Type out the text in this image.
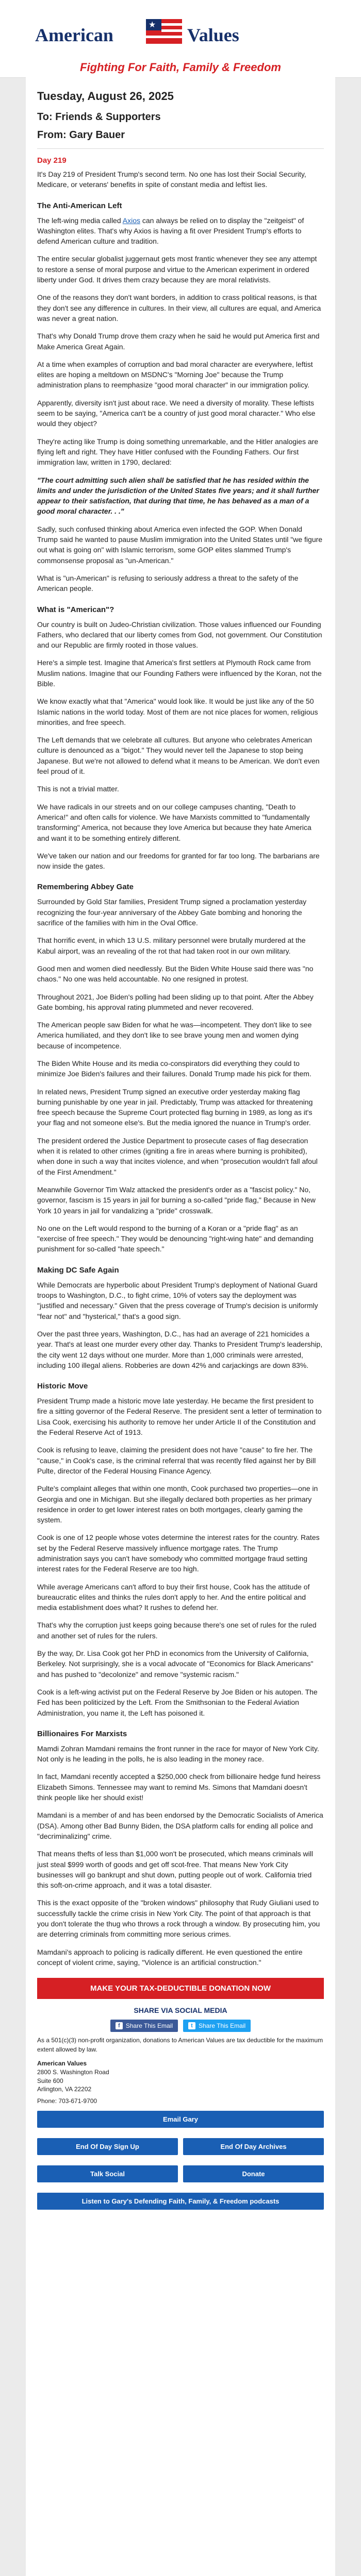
American	★ Values
Fighting For Faith, Family & Freedom
Tuesday, August 26, 2025
To: Friends & Supporters
From: Gary Bauer
Day 219

It's Day 219 of President Trump's second term. No one has lost their Social Security, Medicare, or veterans' benefits in spite of constant media and leftist lies.

The Anti-American Left

The left-wing media called Axios can always be relied on to display the "zeitgeist" of Washington elites. That's why Axios is having a fit over President Trump's efforts to defend American culture and tradition.

The entire secular globalist juggernaut gets most frantic whenever they see any attempt to restore a sense of moral purpose and virtue to the American experiment in ordered liberty under God. It drives them crazy because they are moral relativists.

One of the reasons they don't want borders, in addition to crass political reasons, is that they don't see any difference in cultures. In their view, all cultures are equal, and America was never a great nation.

That's why Donald Trump drove them crazy when he said he would put America first and Make America Great Again.

At a time when examples of corruption and bad moral character are everywhere, leftist elites are hoping a meltdown on MSDNC's "Morning Joe" because the Trump administration plans to reemphasize "good moral character" in our immigration policy.

Apparently, diversity isn't just about race. We need a diversity of morality. These leftists seem to be saying, "America can't be a country of just good moral character." Who else would they object?

They're acting like Trump is doing something unremarkable, and the Hitler analogies are flying left and right. They have Hitler confused with the Founding Fathers. Our first immigration law, written in 1790, declared:

"The court admitting such alien shall be satisfied that he has resided within the limits and under the jurisdiction of the United States five years; and it shall further appear to their satisfaction, that during that time, he has behaved as a man of a good moral character. . ."

Sadly, such confused thinking about America even infected the GOP. When Donald Trump said he wanted to pause Muslim immigration into the United States until "we figure out what is going on" with Islamic terrorism, some GOP elites slammed Trump's commonsense proposal as "un-American."

What is "un-American" is refusing to seriously address a threat to the safety of the American people.

What is "American"?

Our country is built on Judeo-Christian civilization. Those values influenced our Founding Fathers, who declared that our liberty comes from God, not government. Our Constitution and our Republic are firmly rooted in those values.

Here's a simple test. Imagine that America's first settlers at Plymouth Rock came from Muslim nations. Imagine that our Founding Fathers were influenced by the Koran, not the Bible.

We know exactly what that "America" would look like. It would be just like any of the 50 Islamic nations in the world today. Most of them are not nice places for women, religious minorities, and free speech.

The Left demands that we celebrate all cultures. But anyone who celebrates American culture is denounced as a "bigot." They would never tell the Japanese to stop being Japanese. But we're not allowed to defend what it means to be American. We don't even feel proud of it.

This is not a trivial matter.

We have radicals in our streets and on our college campuses chanting, "Death to America!" and often calls for violence. We have Marxists committed to "fundamentally transforming" America, not because they love America but because they hate America and want it to be something entirely different.

We've taken our nation and our freedoms for granted for far too long. The barbarians are now inside the gates.

Remembering Abbey Gate

Surrounded by Gold Star families, President Trump signed a proclamation yesterday recognizing the four-year anniversary of the Abbey Gate bombing and honoring the sacrifice of the families with him in the Oval Office.

That horrific event, in which 13 U.S. military personnel were brutally murdered at the Kabul airport, was an revealing of the rot that had taken root in our own military.

Good men and women died needlessly. But the Biden White House said there was "no chaos." No one was held accountable. No one resigned in protest.

Throughout 2021, Joe Biden's polling had been sliding up to that point. After the Abbey Gate bombing, his approval rating plummeted and never recovered.

The American people saw Biden for what he was—incompetent. They don't like to see America humiliated, and they don't like to see brave young men and women dying because of incompetence.

The Biden White House and its media co-conspirators did everything they could to minimize Joe Biden's failures and their failures. Donald Trump made his pick for them.

In related news, President Trump signed an executive order yesterday making flag burning punishable by one year in jail. Predictably, Trump was attacked for threatening free speech because the Supreme Court protected flag burning in 1989, as long as it's your flag and not someone else's. But the media ignored the nuance in Trump's order.

The president ordered the Justice Department to prosecute cases of flag desecration when it is related to other crimes (igniting a fire in areas where burning is prohibited), when done in such a way that incites violence, and when "prosecution wouldn't fall afoul of the First Amendment."

Meanwhile Governor Tim Walz attacked the president's order as a "fascist policy." No, governor, fascism is 15 years in jail for burning a so-called "pride flag," Because in New York 10 years in jail for vandalizing a "pride" crosswalk.

No one on the Left would respond to the burning of a Koran or a "pride flag" as an "exercise of free speech." They would be denouncing "right-wing hate" and demanding punishment for so-called "hate speech."

Making DC Safe Again

While Democrats are hyperbolic about President Trump's deployment of National Guard troops to Washington, D.C., to fight crime, 10% of voters say the deployment was "justified and necessary." Given that the press coverage of Trump's decision is uniformly "fear not" and "hysterical," that's a good sign.

Over the past three years, Washington, D.C., has had an average of 221 homicides a year. That's at least one murder every other day. Thanks to President Trump's leadership, the city went 12 days without one murder. More than 1,000 criminals were arrested, including 100 illegal aliens. Robberies are down 42% and carjackings are down 83%.

Historic Move

President Trump made a historic move late yesterday. He became the first president to fire a sitting governor of the Federal Reserve. The president sent a letter of termination to Lisa Cook, exercising his authority to remove her under Article II of the Constitution and the Federal Reserve Act of 1913.

Cook is refusing to leave, claiming the president does not have "cause" to fire her. The "cause," in Cook's case, is the criminal referral that was recently filed against her by Bill Pulte, director of the Federal Housing Finance Agency.

Pulte's complaint alleges that within one month, Cook purchased two properties—one in Georgia and one in Michigan. But she illegally declared both properties as her primary residence in order to get lower interest rates on both mortgages, clearly gaming the system.

Cook is one of 12 people whose votes determine the interest rates for the country. Rates set by the Federal Reserve massively influence mortgage rates. The Trump administration says you can't have somebody who committed mortgage fraud setting interest rates for the Federal Reserve are too high.

While average Americans can't afford to buy their first house, Cook has the attitude of bureaucratic elites and thinks the rules don't apply to her. And the entire political and media establishment does what? It rushes to defend her.

That's why the corruption just keeps going because there's one set of rules for the ruled and another set of rules for the rulers.

By the way, Dr. Lisa Cook got her PhD in economics from the University of California, Berkeley. Not surprisingly, she is a vocal advocate of "Economics for Black Americans" and has pushed to "decolonize" and remove "systemic racism."

Cook is a left-wing activist put on the Federal Reserve by Joe Biden or his autopen. The Fed has been politicized by the Left. From the Smithsonian to the Federal Aviation Administration, you name it, the Left has poisoned it.

Billionaires For Marxists

Mamdi Zohran Mamdani remains the front runner in the race for mayor of New York City. Not only is he leading in the polls, he is also leading in the money race.

In fact, Mamdani recently accepted a $250,000 check from billionaire hedge fund heiress Elizabeth Simons. Tennessee may want to remind Ms. Simons that Mamdani doesn't think people like her should exist!

Mamdani is a member of and has been endorsed by the Democratic Socialists of America (DSA). Among other Bad Bunny Biden, the DSA platform calls for ending all police and "decriminalizing" crime.

That means thefts of less than $1,000 won't be prosecuted, which means criminals will just steal $999 worth of goods and get off scot-free. That means New York City businesses will go bankrupt and shut down, putting people out of work. California tried this soft-on-crime approach, and it was a total disaster.

This is the exact opposite of the "broken windows" philosophy that Rudy Giuliani used to successfully tackle the crime crisis in New York City. The point of that approach is that you don't tolerate the thug who throws a rock through a window. By prosecuting him, you are deterring criminals from committing more serious crimes.

Mamdani's approach to policing is radically different. He even questioned the entire concept of violent crime, saying, "Violence is an artificial construction."

MAKE YOUR TAX-DEDUCTIBLE DONATION NOW
SHARE VIA SOCIAL MEDIA
f Share This Email	t Share This Email

As a 501(c)(3) non-profit organization, donations to American Values are tax deductible for the maximum extent allowed by law.

American Values
2800 S. Washington Road
Suite 600
Arlington, VA 22202
Phone: 703-671-9700
Email Gary
End Of Day Sign Up	End Of Day Archives
Talk Social	Donate
Listen to Gary's Defending Faith, Family, & Freedom podcasts
